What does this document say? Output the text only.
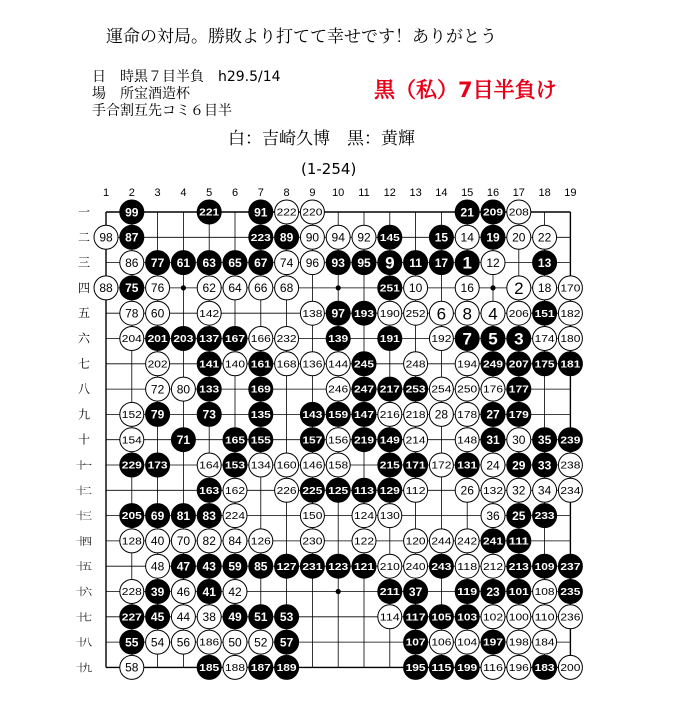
1 2 3 4 5 6 7 8 9 10 11 12 13 14 15 16 17 18 19
一
二
三
四
五
六
七
八
九
十
十一
十二
十三
十四
十五
十六
十七
十八
十九
99	221	91 222 220	21 209 208
98 87	223 89 90 94 92 145	15 14 19 20 22
86 77 61 63 65 67 74 96 93 95 9 11 17 1 12	13
88 75 76	62 64 66 68	251 10	16 2 18 170
78 60	142	138 97 193 190 252 6 8 4 206 151 182
204 201 203 137 167 166 232	139	191	192 7 5 3 174 180
202	141 140 161 168 136 144 245	248	194 249 207 175 181
72 80 133	169	246 247 217 253 254 250 176 177
152 79	73	135	143 159 147 216 218 28 178 27 179
154	71	165 155	157 156 219 149 214	148 31 30 35 239
229 173	164 153 134 160 146 158	215 171 172 131 24 29 33 238
163 162	226 225 125 113 129 112	26 132 32 34 234
205 69 81 83 224	150	124 130	36 25 233
128 40 70 82 84 126	230	122	120 244 242 241 111
48 47 43 59 85 127 231 123 121 210 240 243 118 212 213 109 237
228 39 46 41 42	211 37	119 23 101 108 235
227 45 44 38 49 51 53	114 117 105 103 102 100 110 236
55 54 56 186 50 52 57	107 106 104 197 198 184
58	185 188 187 189	195 115 199 116 196 183 200
運命の対局。勝敗より打てて幸せです！ありがとう
日　時：黒７目半負　h29.5/14
場　所：宝酒造杯
手合割：互先コミ６目半
黒（私）7目半負け
白：吉崎久博　黒：黄輝
(1-254)
